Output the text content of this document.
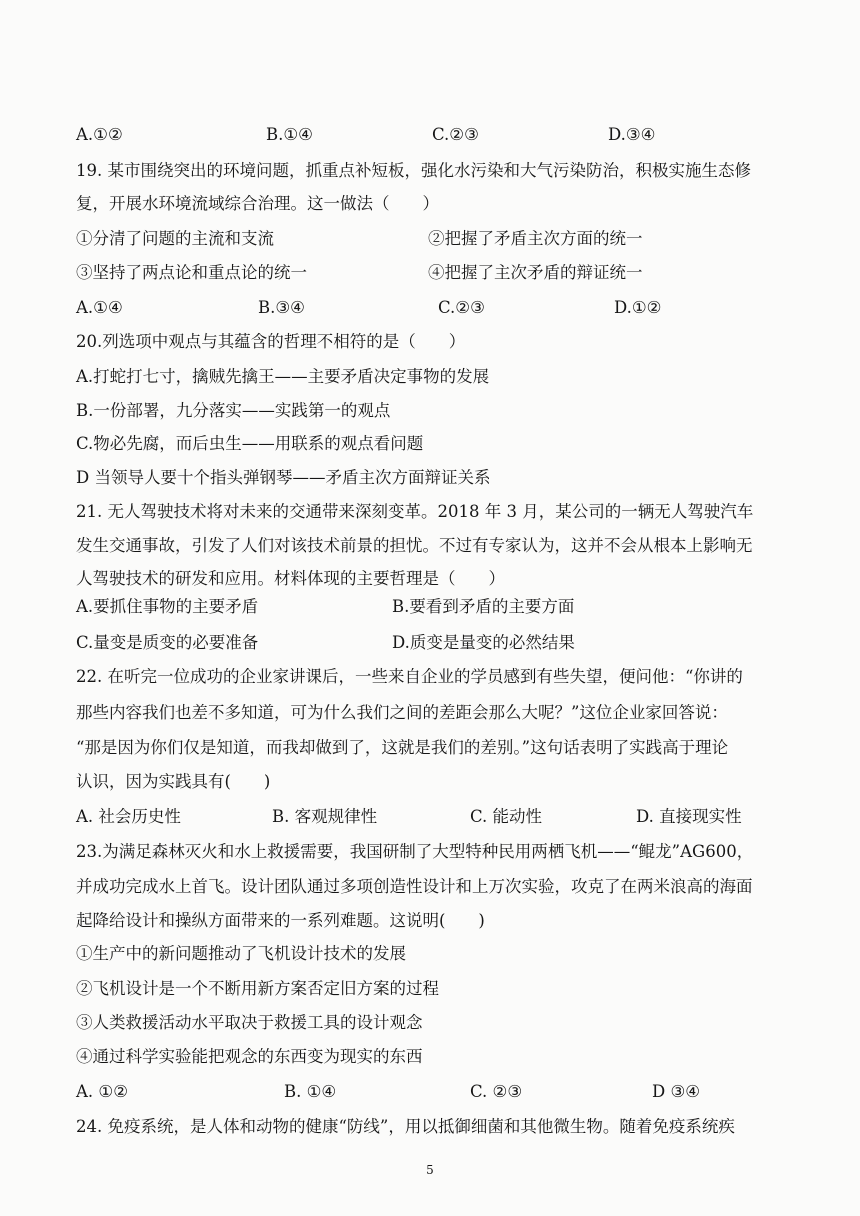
A.①②	B.①④	C.②③	D.③④
19. 某市围绕突出的环境问题，抓重点补短板，强化水污染和大气污染防治，积极实施生态修
复，开展水环境流域综合治理。这一做法（　　）
①分清了问题的主流和支流	②把握了矛盾主次方面的统一
③坚持了两点论和重点论的统一	④把握了主次矛盾的辩证统一
A.①④	B.③④	C.②③	D.①②
20.列选项中观点与其蕴含的哲理不相符的是（　　）
A.打蛇打七寸，擒贼先擒王——主要矛盾决定事物的发展
B.一份部署，九分落实——实践第一的观点
C.物必先腐，而后虫生——用联系的观点看问题
D 当领导人要十个指头弹钢琴——矛盾主次方面辩证关系
21. 无人驾驶技术将对未来的交通带来深刻变革。2018 年 3 月，某公司的一辆无人驾驶汽车
发生交通事故，引发了人们对该技术前景的担忧。不过有专家认为，这并不会从根本上影响无
人驾驶技术的研发和应用。材料体现的主要哲理是（　　）
A.要抓住事物的主要矛盾	B.要看到矛盾的主要方面
C.量变是质变的必要准备	D.质变是量变的必然结果
22. 在听完一位成功的企业家讲课后，一些来自企业的学员感到有些失望，便问他：“你讲的
那些内容我们也差不多知道，可为什么我们之间的差距会那么大呢？”这位企业家回答说：
“那是因为你们仅是知道，而我却做到了，这就是我们的差别。”这句话表明了实践高于理论
认识，因为实践具有(　　)
A. 社会历史性	B. 客观规律性	C. 能动性	D. 直接现实性
23.为满足森林灭火和水上救援需要，我国研制了大型特种民用两栖飞机——“鲲龙”AG600，
并成功完成水上首飞。设计团队通过多项创造性设计和上万次实验，攻克了在两米浪高的海面
起降给设计和操纵方面带来的一系列难题。这说明(　　)
①生产中的新问题推动了飞机设计技术的发展
②飞机设计是一个不断用新方案否定旧方案的过程
③人类救援活动水平取决于救援工具的设计观念
④通过科学实验能把观念的东西变为现实的东西
A. ①②	B. ①④	C. ②③	D ③④
24. 免疫系统，是人体和动物的健康“防线”，用以抵御细菌和其他微生物。随着免疫系统疾
5
